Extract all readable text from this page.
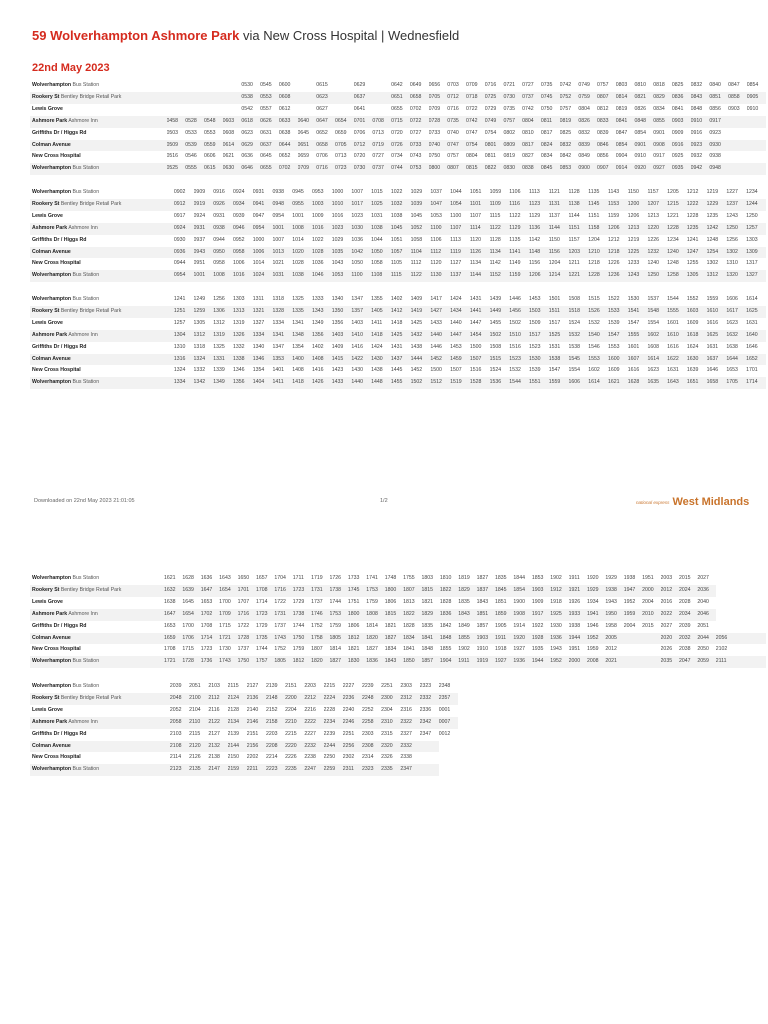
59 Wolverhampton Ashmore Park via New Cross Hospital | Wednesfield
22nd May 2023
Wolverhampton Bus Station					0530	0545	0600		0615		0629		0642	0649	0656	0703	0709	0716	0721	0727	0735	0742	0749	0757	0803	0810	0818	0825	0832	0840	0847	0854
Rookery St Bentley Bridge Retail Park					0538	0553	0608		0623		0637		0651	0658	0705	0712	0718	0725	0730	0737	0745	0752	0759	0807	0814	0821	0829	0836	0843	0851	0858	0905
Lewis Grove					0542	0557	0612		0627		0641		0655	0702	0709	0716	0722	0729	0735	0742	0750	0757	0804	0812	0819	0826	0834	0841	0848	0856	0903	0910
Ashmore Park Ashmore Inn	0458	0528	0548	0603	0618	0626	0633	0640	0647	0654	0701	0708	0715	0722	0728	0735	0742	0749	0757	0804	0811	0819	0826	0833	0841	0848	0855	0903	0910	0917		
Griffiths Dr / Higgs Rd	0503	0533	0553	0608	0623	0631	0638	0645	0652	0659	0706	0713	0720	0727	0733	0740	0747	0754	0802	0810	0817	0825	0832	0839	0847	0854	0901	0909	0916	0923		
Colman Avenue	0509	0539	0559	0614	0629	0637	0644	0651	0658	0705	0712	0719	0726	0733	0740	0747	0754	0801	0809	0817	0824	0832	0839	0846	0854	0901	0908	0916	0923	0930		
New Cross Hospital	0516	0546	0606	0621	0636	0645	0652	0659	0706	0713	0720	0727	0734	0743	0750	0757	0804	0811	0819	0827	0834	0842	0849	0856	0904	0910	0917	0925	0932	0938		
Wolverhampton Bus Station	0525	0555	0615	0630	0646	0655	0702	0709	0716	0723	0730	0737	0744	0753	0800	0807	0815	0822	0830	0838	0845	0853	0900	0907	0914	0920	0927	0935	0942	0948		
Wolverhampton Bus Station	0902	0909	0916	0924	0931	0938	0945	0953	1000	1007	1015	1022	1029	1037	1044	1051	1059	1106	1113	1121	1128	1135	1143	1150	1157	1205	1212	1219	1227	1234
Rookery St Bentley Bridge Retail Park	0912	0919	0926	0934	0941	0948	0955	1003	1010	1017	1025	1032	1039	1047	1054	1101	1109	1116	1123	1131	1138	1145	1153	1200	1207	1215	1222	1229	1237	1244
Lewis Grove	0917	0924	0931	0939	0947	0954	1001	1009	1016	1023	1031	1038	1045	1053	1100	1107	1115	1122	1129	1137	1144	1151	1159	1206	1213	1221	1228	1235	1243	1250
Ashmore Park Ashmore Inn	0924	0931	0938	0946	0954	1001	1008	1016	1023	1030	1038	1045	1052	1100	1107	1114	1122	1129	1136	1144	1151	1158	1206	1213	1220	1228	1235	1242	1250	1257
Griffiths Dr / Higgs Rd	0930	0937	0944	0952	1000	1007	1014	1022	1029	1036	1044	1051	1058	1106	1113	1120	1128	1135	1142	1150	1157	1204	1212	1219	1226	1234	1241	1248	1256	1303
Colman Avenue	0936	0943	0950	0958	1006	1013	1020	1028	1035	1042	1050	1057	1104	1112	1119	1126	1134	1141	1148	1156	1203	1210	1218	1225	1232	1240	1247	1254	1302	1309
New Cross Hospital	0944	0951	0958	1006	1014	1021	1028	1036	1043	1050	1058	1105	1112	1120	1127	1134	1142	1149	1156	1204	1211	1218	1226	1233	1240	1248	1255	1302	1310	1317
Wolverhampton Bus Station	0954	1001	1008	1016	1024	1031	1038	1046	1053	1100	1108	1115	1122	1130	1137	1144	1152	1159	1206	1214	1221	1228	1236	1243	1250	1258	1305	1312	1320	1327
Wolverhampton Bus Station	1241	1249	1256	1303	1311	1318	1325	1333	1340	1347	1355	1402	1409	1417	1424	1431	1439	1446	1453	1501	1508	1515	1522	1530	1537	1544	1552	1559	1606	1614
Rookery St Bentley Bridge Retail Park	1251	1259	1306	1313	1321	1328	1335	1343	1350	1357	1405	1412	1419	1427	1434	1441	1449	1456	1503	1511	1518	1526	1533	1541	1548	1555	1603	1610	1617	1625
Lewis Grove	1257	1305	1312	1319	1327	1334	1341	1349	1356	1403	1411	1418	1425	1433	1440	1447	1455	1502	1509	1517	1524	1532	1539	1547	1554	1601	1609	1616	1623	1631
Ashmore Park Ashmore Inn	1304	1312	1319	1326	1334	1341	1348	1356	1403	1410	1418	1425	1432	1440	1447	1454	1502	1510	1517	1525	1532	1540	1547	1555	1602	1610	1618	1625	1632	1640
Griffiths Dr / Higgs Rd	1310	1318	1325	1332	1340	1347	1354	1402	1409	1416	1424	1431	1438	1446	1453	1500	1508	1516	1523	1531	1538	1546	1553	1601	1608	1616	1624	1631	1638	1646
Colman Avenue	1316	1324	1331	1338	1346	1353	1400	1408	1415	1422	1430	1437	1444	1452	1459	1507	1515	1523	1530	1538	1545	1553	1600	1607	1614	1622	1630	1637	1644	1652
New Cross Hospital	1324	1332	1339	1346	1354	1401	1408	1416	1423	1430	1438	1445	1452	1500	1507	1516	1524	1532	1539	1547	1554	1602	1609	1616	1623	1631	1639	1646	1653	1701
Wolverhampton Bus Station	1334	1342	1349	1356	1404	1411	1418	1426	1433	1440	1448	1455	1502	1512	1519	1528	1536	1544	1551	1559	1606	1614	1621	1628	1635	1643	1651	1658	1705	1714
Downloaded on 22nd May 2023 21:01:05	1/2	national express West Midlands
Wolverhampton Bus Station	1621	1628	1636	1643	1650	1657	1704	1711	1719	1726	1733	1741	1748	1755	1803	1810	1819	1827	1835	1844	1853	1902	1911	1920	1929	1938	1951	2003	2015	2027		
Rookery St Bentley Bridge Retail Park	1632	1639	1647	1654	1701	1708	1716	1723	1731	1738	1745	1753	1800	1807	1815	1822	1829	1837	1845	1854	1903	1912	1921	1929	1938	1947	2000	2012	2024	2036		
Lewis Grove	1638	1645	1653	1700	1707	1714	1722	1729	1737	1744	1751	1759	1806	1813	1821	1828	1835	1843	1851	1900	1909	1918	1926	1934	1943	1952	2004	2016	2028	2040		
Ashmore Park Ashmore Inn	1647	1654	1702	1709	1716	1723	1731	1738	1746	1753	1800	1808	1815	1822	1829	1836	1843	1851	1859	1908	1917	1925	1933	1941	1950	1959	2010	2022	2034	2046		
Griffiths Dr / Higgs Rd	1653	1700	1708	1715	1722	1729	1737	1744	1752	1759	1806	1814	1821	1828	1835	1842	1849	1857	1905	1914	1922	1930	1938	1946	1958	2004	2015	2027	2039	2051		
Colman Avenue	1659	1706	1714	1721	1728	1735	1743	1750	1758	1805	1812	1820	1827	1834	1841	1848	1855	1903	1911	1920	1928	1936	1944	1952	2005			2020	2032	2044	2056	
New Cross Hospital	1708	1715	1723	1730	1737	1744	1752	1759	1807	1814	1821	1827	1834	1841	1848	1855	1902	1910	1918	1927	1935	1943	1951	1959	2012			2026	2038	2050	2102	
Wolverhampton Bus Station	1721	1728	1736	1743	1750	1757	1805	1812	1820	1827	1830	1836	1843	1850	1857	1904	1911	1919	1927	1936	1944	1952	2000	2008	2021			2035	2047	2059	2111	
Wolverhampton Bus Station	2039	2051	2103	2115	2127	2139	2151	2203	2215	2227	2239	2251	2303	2323	2348
Rookery St Bentley Bridge Retail Park	2048	2100	2112	2124	2136	2148	2200	2212	2224	2236	2248	2300	2312	2332	2357
Lewis Grove	2052	2104	2116	2128	2140	2152	2204	2216	2228	2240	2252	2304	2316	2336	0001
Ashmore Park Ashmore Inn	2058	2110	2122	2134	2146	2158	2210	2222	2234	2246	2258	2310	2322	2342	0007
Griffiths Dr / Higgs Rd	2103	2115	2127	2139	2151	2203	2215	2227	2239	2251	2303	2315	2327	2347	0012
Colman Avenue	2108	2120	2132	2144	2156	2208	2220	2232	2244	2256	2308	2320	2332		
New Cross Hospital	2114	2126	2138	2150	2202	2214	2226	2238	2250	2302	2314	2326	2338		
Wolverhampton Bus Station	2123	2135	2147	2159	2211	2223	2235	2247	2259	2311	2323	2335	2347		
